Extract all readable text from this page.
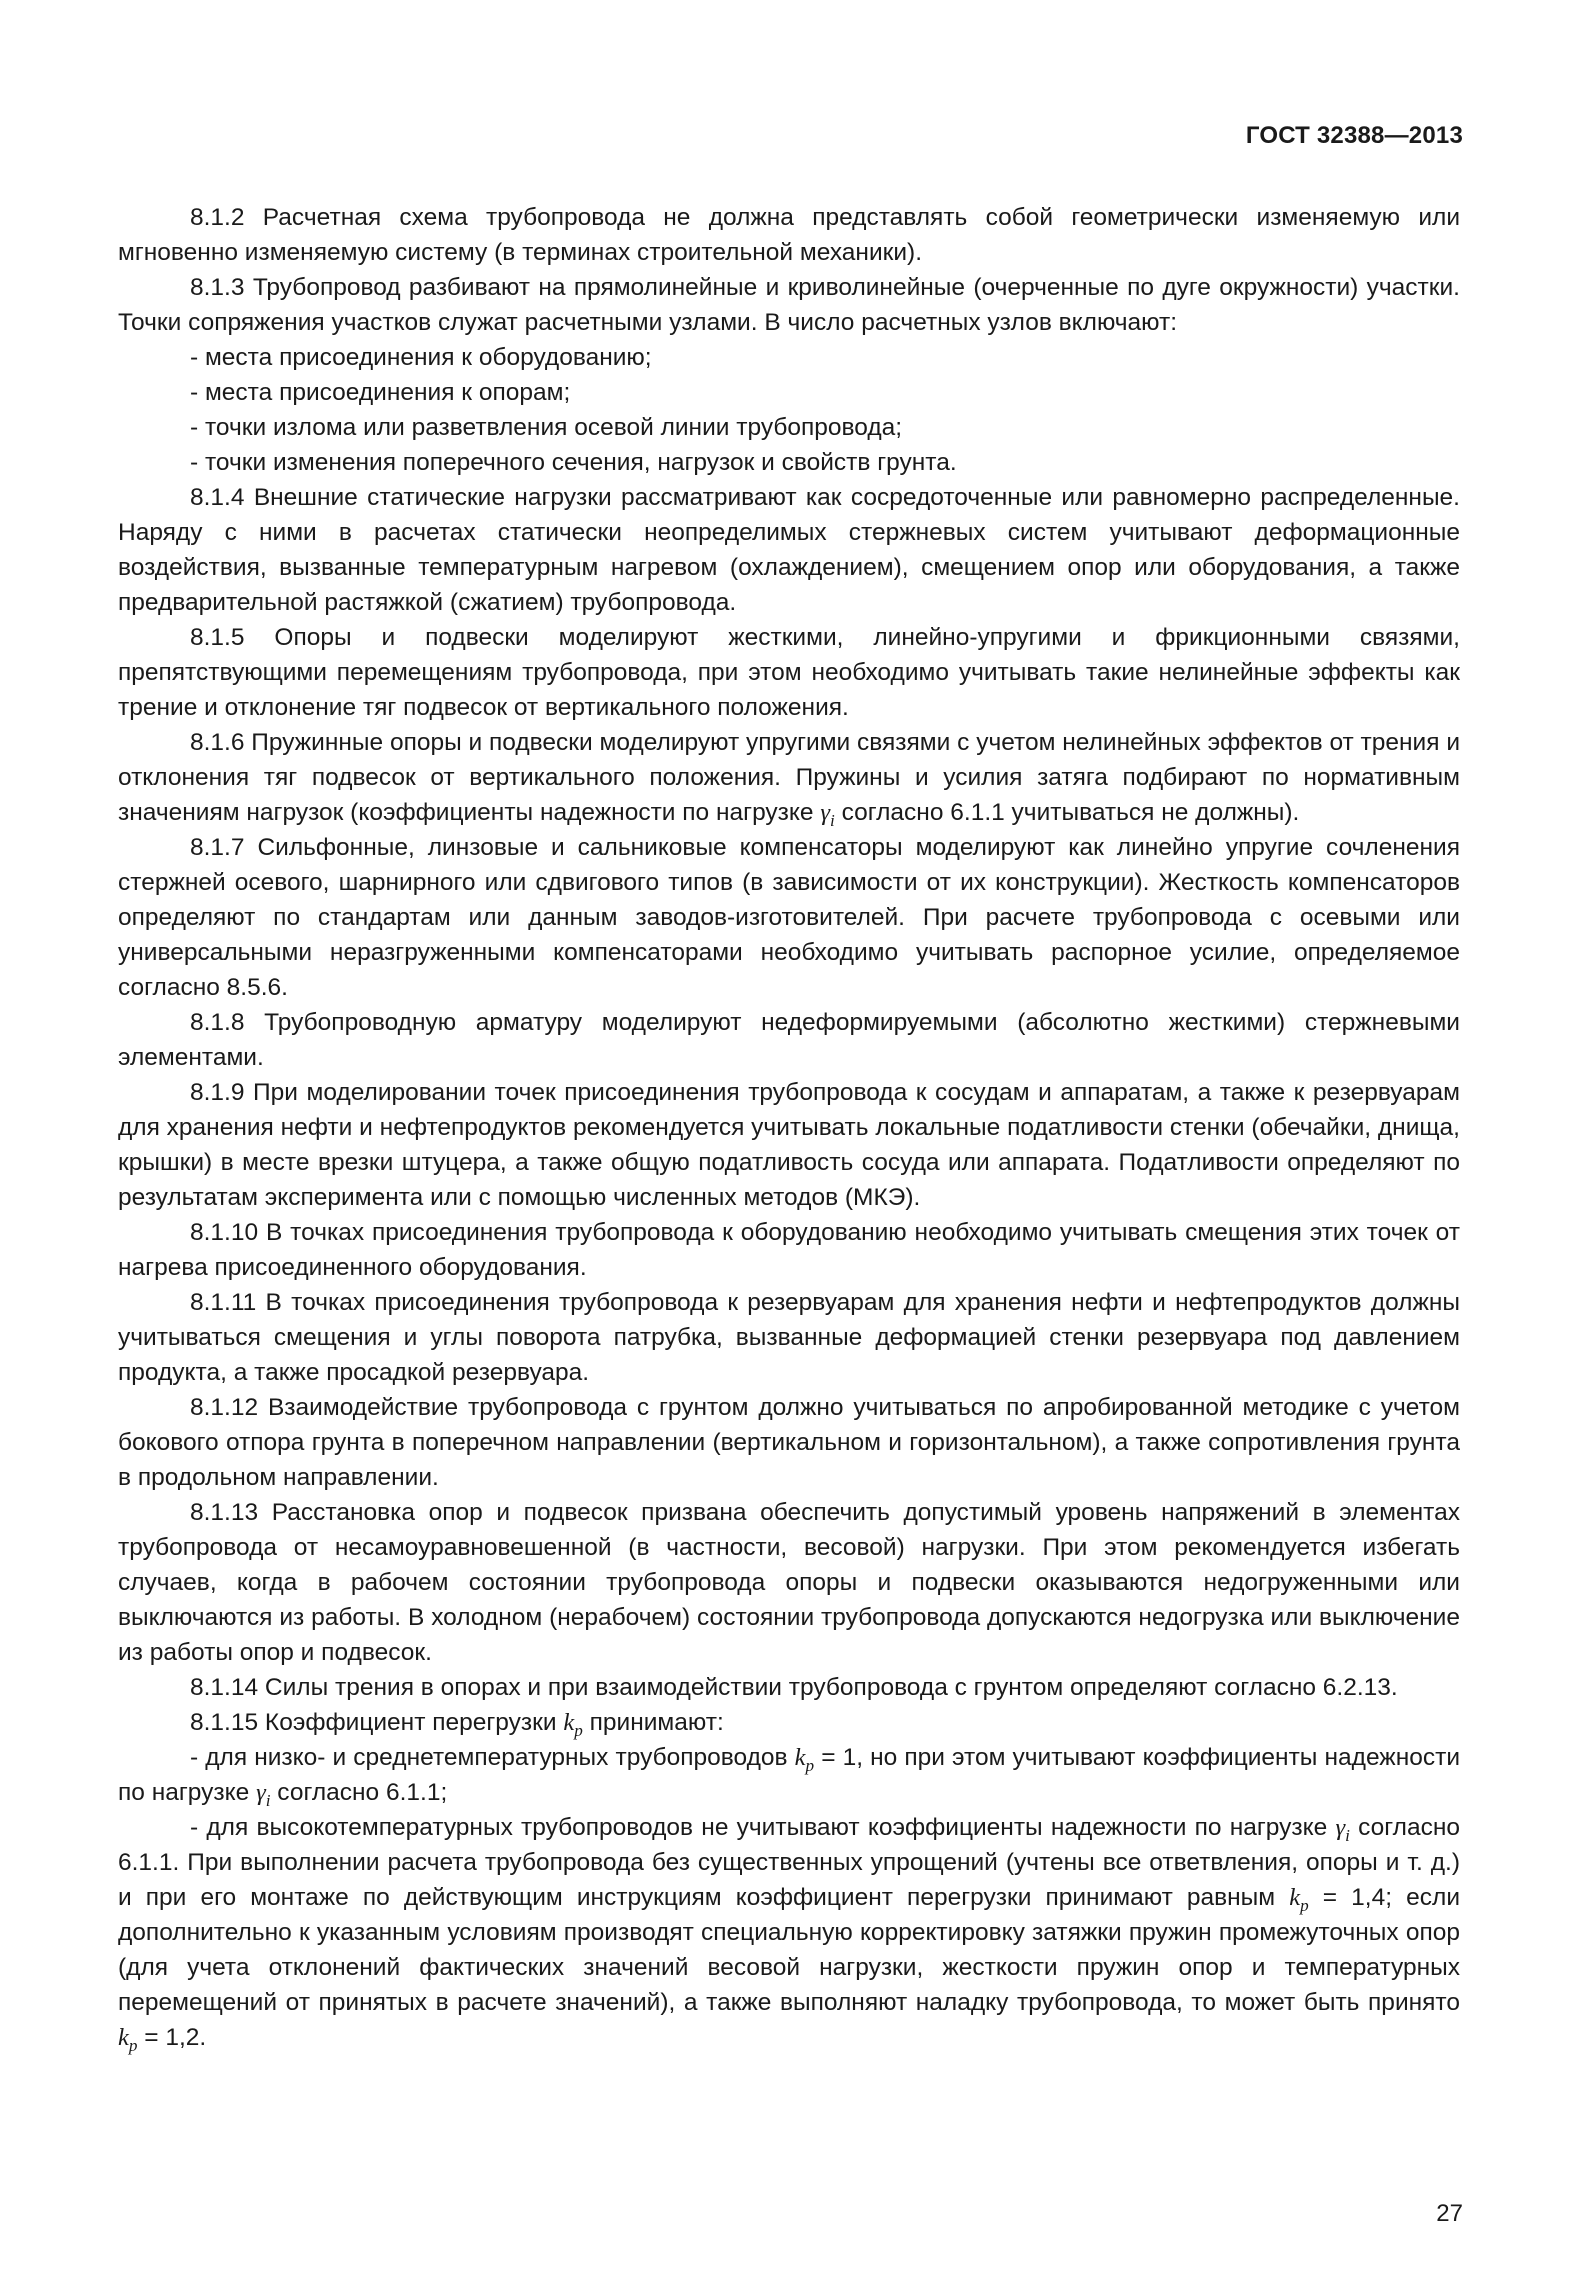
ГОСТ 32388—2013

8.1.2 Расчетная схема трубопровода не должна представлять собой геометрически изменяемую или мгновенно изменяемую систему (в терминах строительной механики).

8.1.3 Трубопровод разбивают на прямолинейные и криволинейные (очерченные по дуге окружности) участки. Точки сопряжения участков служат расчетными узлами. В число расчетных узлов включают:

- места присоединения к оборудованию;

- места присоединения к опорам;

- точки излома или разветвления осевой линии трубопровода;

- точки изменения поперечного сечения, нагрузок и свойств грунта.

8.1.4 Внешние статические нагрузки рассматривают как сосредоточенные или равномерно распределенные. Наряду с ними в расчетах статически неопределимых стержневых систем учитывают деформационные воздействия, вызванные температурным нагревом (охлаждением), смещением опор или оборудования, а также предварительной растяжкой (сжатием) трубопровода.

8.1.5 Опоры и подвески моделируют жесткими, линейно-упругими и фрикционными связями, препятствующими перемещениям трубопровода, при этом необходимо учитывать такие нелинейные эффекты как трение и отклонение тяг подвесок от вертикального положения.

8.1.6 Пружинные опоры и подвески моделируют упругими связями с учетом нелинейных эффектов от трения и отклонения тяг подвесок от вертикального положения. Пружины и усилия затяга подбирают по нормативным значениям нагрузок (коэффициенты надежности по нагрузке $\gamma_i$ согласно 6.1.1 учитываться не должны).

8.1.7 Сильфонные, линзовые и сальниковые компенсаторы моделируют как линейно упругие сочленения стержней осевого, шарнирного или сдвигового типов (в зависимости от их конструкции). Жесткость компенсаторов определяют по стандартам или данным заводов-изготовителей. При расчете трубопровода с осевыми или универсальными неразгруженными компенсаторами необходимо учитывать распорное усилие, определяемое согласно 8.5.6.

8.1.8 Трубопроводную арматуру моделируют недеформируемыми (абсолютно жесткими) стержневыми элементами.

8.1.9 При моделировании точек присоединения трубопровода к сосудам и аппаратам, а также к резервуарам для хранения нефти и нефтепродуктов рекомендуется учитывать локальные податливости стенки (обечайки, днища, крышки) в месте врезки штуцера, а также общую податливость сосуда или аппарата. Податливости определяют по результатам эксперимента или с помощью численных методов (МКЭ).

8.1.10 В точках присоединения трубопровода к оборудованию необходимо учитывать смещения этих точек от нагрева присоединенного оборудования.

8.1.11 В точках присоединения трубопровода к резервуарам для хранения нефти и нефтепродуктов должны учитываться смещения и углы поворота патрубка, вызванные деформацией стенки резервуара под давлением продукта, а также просадкой резервуара.

8.1.12 Взаимодействие трубопровода с грунтом должно учитываться по апробированной методике с учетом бокового отпора грунта в поперечном направлении (вертикальном и горизонтальном), а также сопротивления грунта в продольном направлении.

8.1.13 Расстановка опор и подвесок призвана обеспечить допустимый уровень напряжений в элементах трубопровода от несамоуравновешенной (в частности, весовой) нагрузки. При этом рекомендуется избегать случаев, когда в рабочем состоянии трубопровода опоры и подвески оказываются недогруженными или выключаются из работы. В холодном (нерабочем) состоянии трубопровода допускаются недогрузка или выключение из работы опор и подвесок.

8.1.14 Силы трения в опорах и при взаимодействии трубопровода с грунтом определяют согласно 6.2.13.

8.1.15 Коэффициент перегрузки $k_p$ принимают:

- для низко- и среднетемпературных трубопроводов $k_p = 1$, но при этом учитывают коэффициенты надежности по нагрузке $\gamma_i$ согласно 6.1.1;

- для высокотемпературных трубопроводов не учитывают коэффициенты надежности по нагрузке $\gamma_i$ согласно 6.1.1. При выполнении расчета трубопровода без существенных упрощений (учтены все ответвления, опоры и т. д.) и при его монтаже по действующим инструкциям коэффициент перегрузки принимают равным $k_p = 1,4$; если дополнительно к указанным условиям производят специальную корректировку затяжки пружин промежуточных опор (для учета отклонений фактических значений весовой нагрузки, жесткости пружин опор и температурных перемещений от принятых в расчете значений), а также выполняют наладку трубопровода, то может быть принято $k_p = 1,2$.

27
